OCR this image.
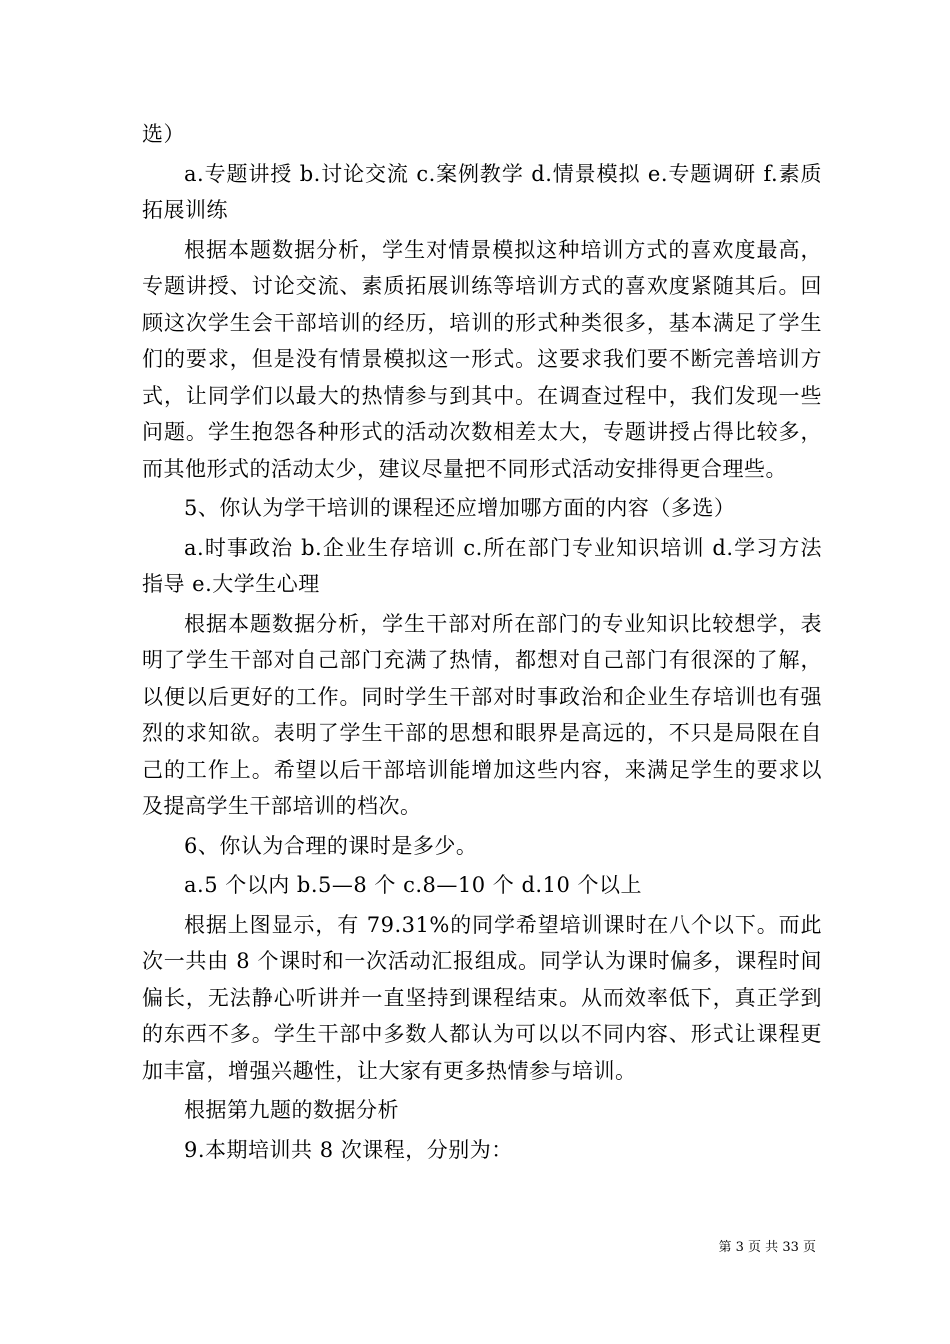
选）

a.专题讲授 b.讨论交流 c.案例教学 d.情景模拟 e.专题调研 f.素质拓展训练

根据本题数据分析，学生对情景模拟这种培训方式的喜欢度最高，专题讲授、讨论交流、素质拓展训练等培训方式的喜欢度紧随其后。回顾这次学生会干部培训的经历，培训的形式种类很多，基本满足了学生们的要求，但是没有情景模拟这一形式。这要求我们要不断完善培训方式，让同学们以最大的热情参与到其中。在调查过程中，我们发现一些问题。学生抱怨各种形式的活动次数相差太大，专题讲授占得比较多，而其他形式的活动太少，建议尽量把不同形式活动安排得更合理些。

5、你认为学干培训的课程还应增加哪方面的内容（多选）

a.时事政治 b.企业生存培训 c.所在部门专业知识培训 d.学习方法指导 e.大学生心理

根据本题数据分析，学生干部对所在部门的专业知识比较想学，表明了学生干部对自己部门充满了热情，都想对自己部门有很深的了解，以便以后更好的工作。同时学生干部对时事政治和企业生存培训也有强烈的求知欲。表明了学生干部的思想和眼界是高远的，不只是局限在自己的工作上。希望以后干部培训能增加这些内容，来满足学生的要求以及提高学生干部培训的档次。

6、你认为合理的课时是多少。

a.5 个以内 b.5—8 个 c.8—10 个 d.10 个以上

根据上图显示，有 79.31%的同学希望培训课时在八个以下。而此次一共由 8 个课时和一次活动汇报组成。同学认为课时偏多，课程时间偏长，无法静心听讲并一直坚持到课程结束。从而效率低下，真正学到的东西不多。学生干部中多数人都认为可以以不同内容、形式让课程更加丰富，增强兴趣性，让大家有更多热情参与培训。

根据第九题的数据分析

9.本期培训共 8 次课程，分别为：

第 3 页 共 33 页
